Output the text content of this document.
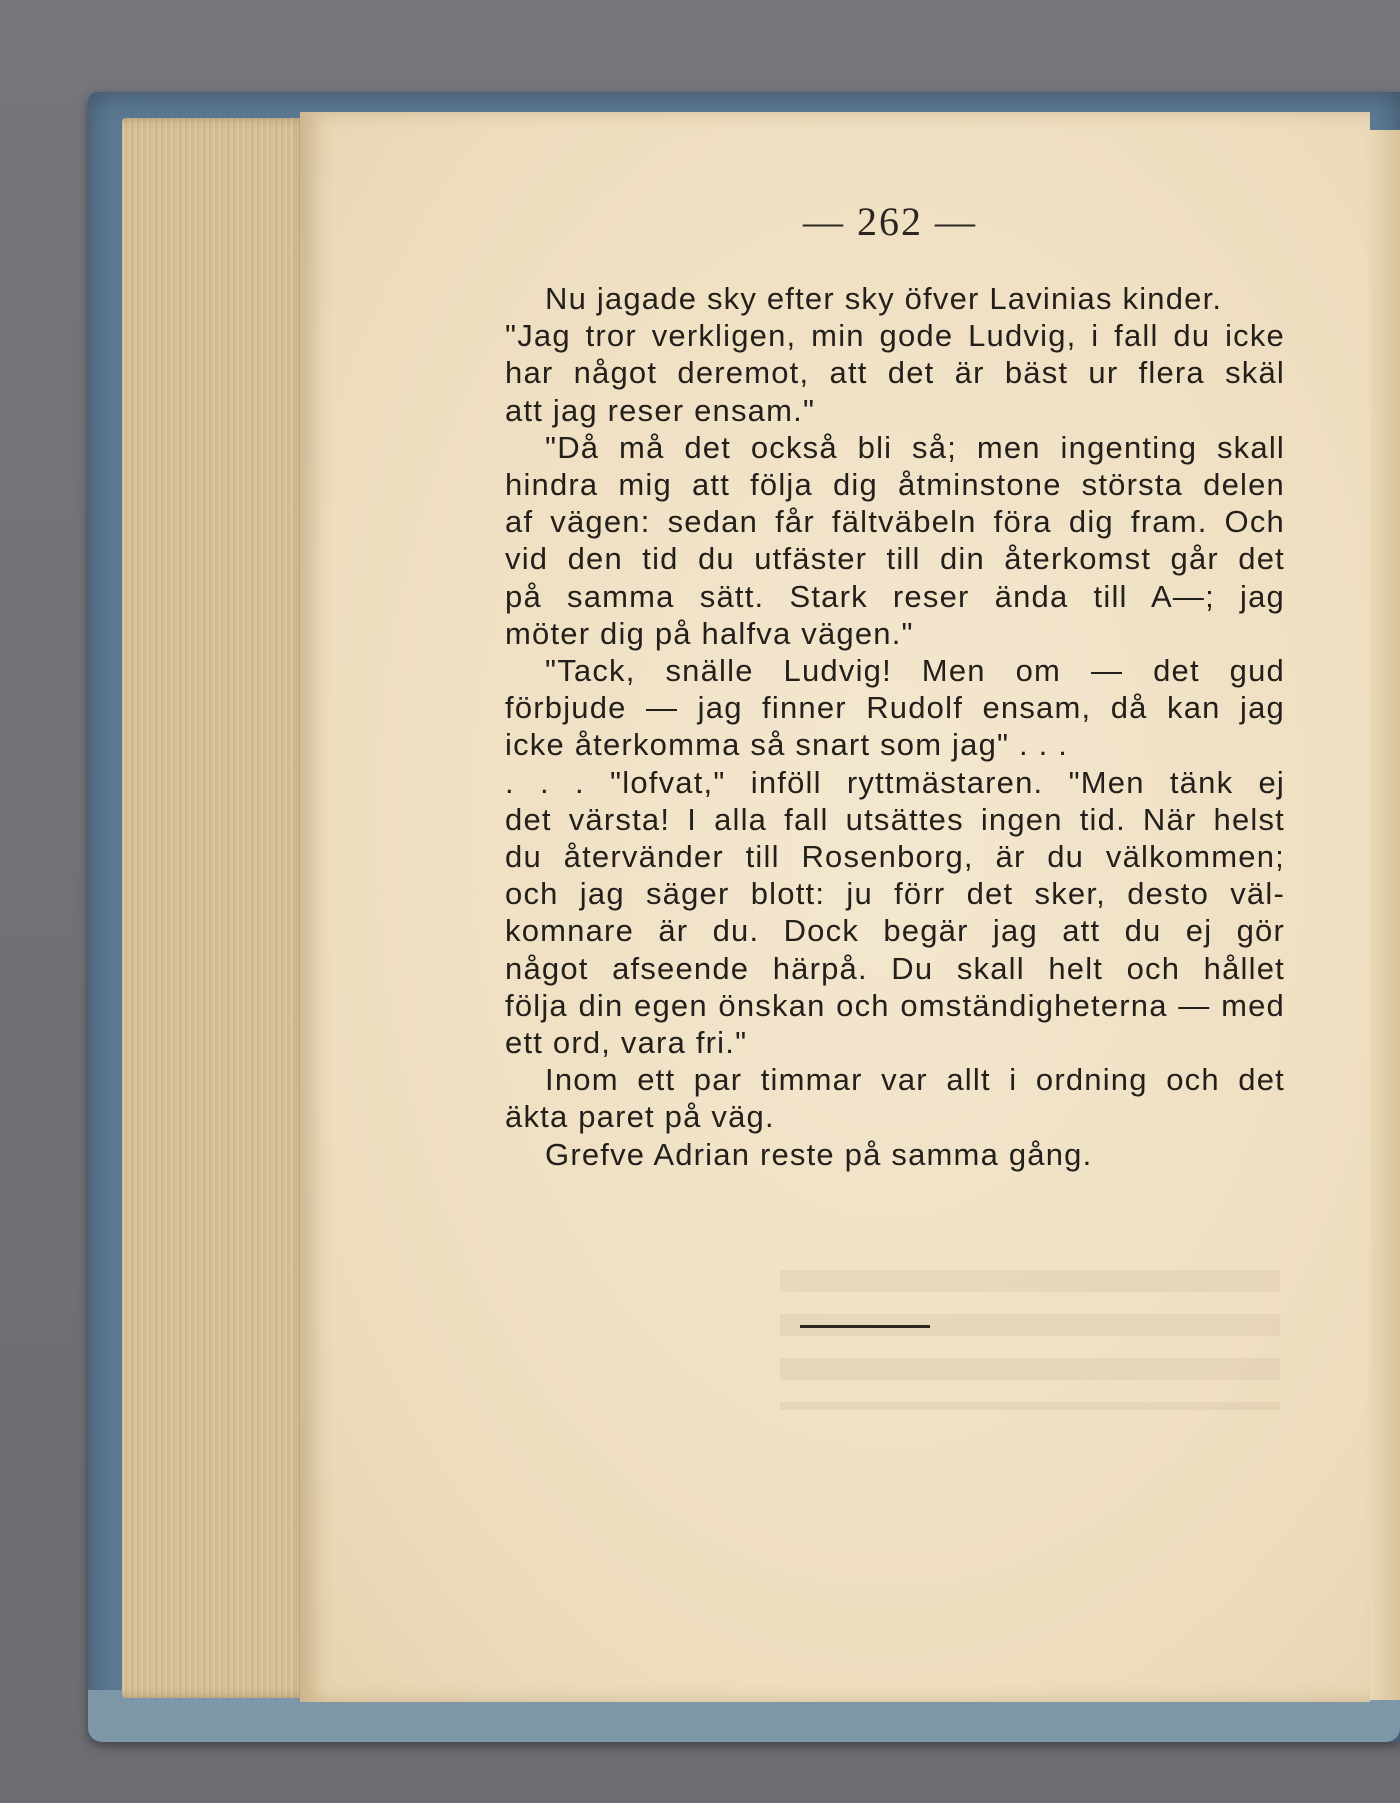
— 262 —
Nu jagade sky efter sky öfver Lavinias kinder.
"Jag tror verkligen, min gode Ludvig, i fall du icke
har något deremot, att det är bäst ur flera skäl
att jag reser ensam."
"Då må det också bli så; men ingenting skall
hindra mig att följa dig åtminstone största delen
af vägen: sedan får fältväbeln föra dig fram. Och
vid den tid du utfäster till din återkomst går det
på samma sätt. Stark reser ända till A—; jag
möter dig på halfva vägen."
"Tack, snälle Ludvig! Men om — det gud
förbjude — jag finner Rudolf ensam, då kan jag
icke återkomma så snart som jag" . . .
. . . "lofvat," inföll ryttmästaren. "Men tänk ej
det värsta! I alla fall utsättes ingen tid. När helst
du återvänder till Rosenborg, är du välkommen;
och jag säger blott: ju förr det sker, desto väl-
komnare är du. Dock begär jag att du ej gör
något afseende härpå. Du skall helt och hållet
följa din egen önskan och omständigheterna — med
ett ord, vara fri."
Inom ett par timmar var allt i ordning och det
äkta paret på väg.
Grefve Adrian reste på samma gång.
